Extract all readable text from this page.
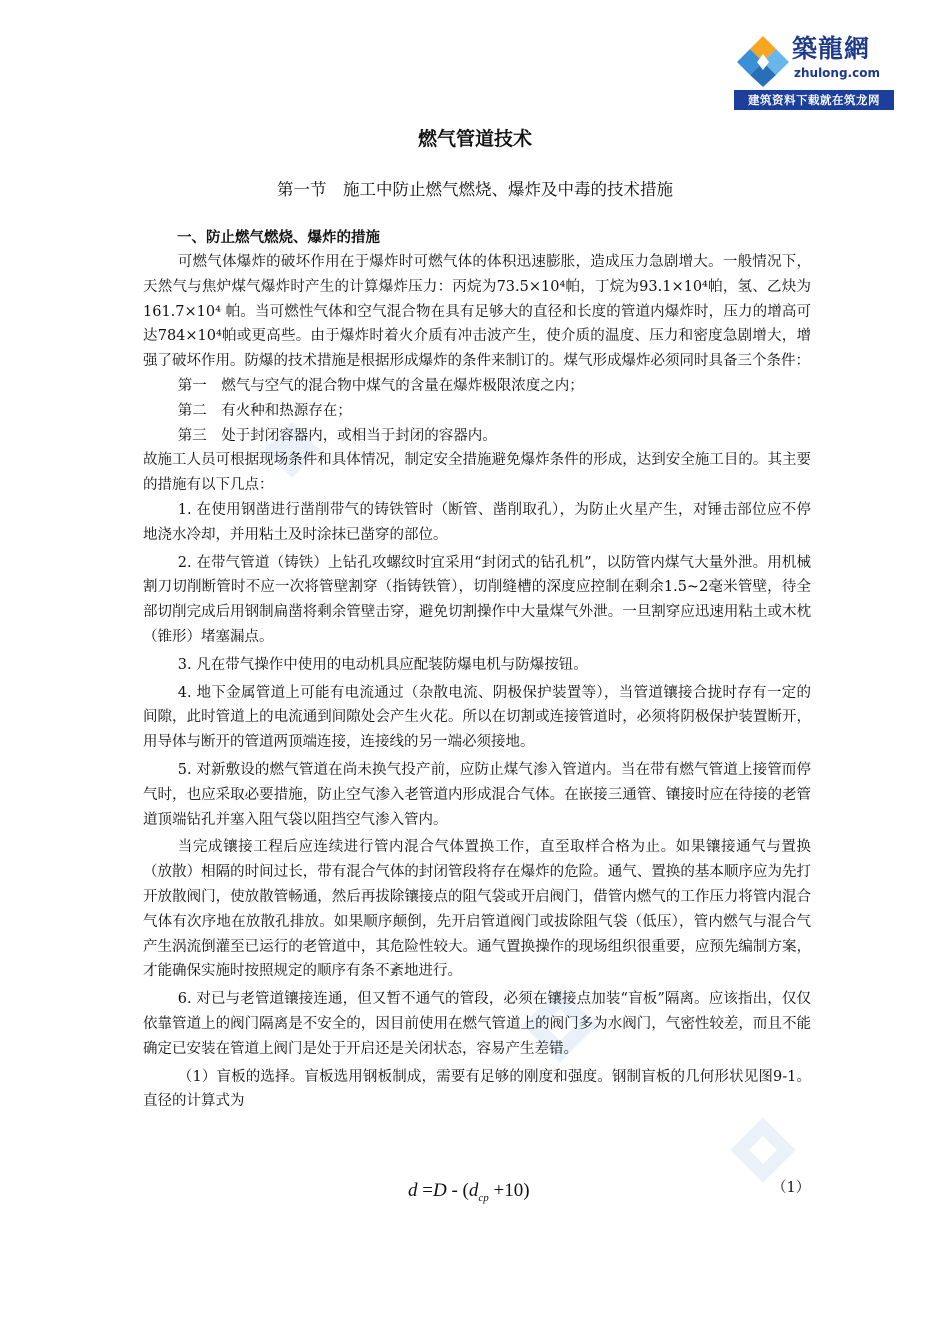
築龍網
zhulong.com
建筑资料下载就在筑龙网
燃气管道技术
第一节　施工中防止燃气燃烧、爆炸及中毒的技术措施
一、防止燃气燃烧、爆炸的措施

可燃气体爆炸的破坏作用在于爆炸时可燃气体的体积迅速膨胀，造成压力急剧增大。一般情况下，天然气与焦炉煤气爆炸时产生的计算爆炸压力：丙烷为73.5×10⁴帕，丁烷为93.1×10⁴帕，氢、乙炔为161.7×10⁴ 帕。当可燃性气体和空气混合物在具有足够大的直径和长度的管道内爆炸时，压力的增高可达784×10⁴帕或更高些。由于爆炸时着火介质有冲击波产生，使介质的温度、压力和密度急剧增大，增强了破坏作用。防爆的技术措施是根据形成爆炸的条件来制订的。煤气形成爆炸必须同时具备三个条件：

第一　燃气与空气的混合物中煤气的含量在爆炸极限浓度之内；

第二　有火种和热源存在；

第三　处于封闭容器内，或相当于封闭的容器内。

故施工人员可根据现场条件和具体情况，制定安全措施避免爆炸条件的形成，达到安全施工目的。其主要的措施有以下几点：

1. 在使用钢凿进行凿削带气的铸铁管时（断管、凿削取孔），为防止火星产生，对锤击部位应不停地浇水冷却，并用粘土及时涂抹已凿穿的部位。

2. 在带气管道（铸铁）上钻孔攻螺纹时宜采用“封闭式的钻孔机”，以防管内煤气大量外泄。用机械割刀切削断管时不应一次将管壁割穿（指铸铁管），切削缝槽的深度应控制在剩余1.5~2毫米管壁，待全部切削完成后用钢制扁凿将剩余管壁击穿，避免切割操作中大量煤气外泄。一旦割穿应迅速用粘土或木枕（锥形）堵塞漏点。

3. 凡在带气操作中使用的电动机具应配装防爆电机与防爆按钮。

4. 地下金属管道上可能有电流通过（杂散电流、阴极保护装置等），当管道镶接合拢时存有一定的间隙，此时管道上的电流通到间隙处会产生火花。所以在切割或连接管道时，必须将阴极保护装置断开，用导体与断开的管道两顶端连接，连接线的另一端必须接地。

5. 对新敷设的燃气管道在尚未换气投产前，应防止煤气渗入管道内。当在带有燃气管道上接管而停气时，也应采取必要措施，防止空气渗入老管道内形成混合气体。在嵌接三通管、镶接时应在待接的老管道顶端钻孔并塞入阻气袋以阻挡空气渗入管内。

当完成镶接工程后应连续进行管内混合气体置换工作，直至取样合格为止。如果镶接通气与置换（放散）相隔的时间过长，带有混合气体的封闭管段将存在爆炸的危险。通气、置换的基本顺序应为先打开放散阀门，使放散管畅通，然后再拔除镶接点的阻气袋或开启阀门，借管内燃气的工作压力将管内混合气体有次序地在放散孔排放。如果顺序颠倒，先开启管道阀门或拔除阻气袋（低压），管内燃气与混合气产生涡流倒灌至已运行的老管道中，其危险性较大。通气置换操作的现场组织很重要，应预先编制方案，才能确保实施时按照规定的顺序有条不紊地进行。

6. 对已与老管道镶接连通，但又暂不通气的管段，必须在镶接点加装“盲板”隔离。应该指出，仅仅依靠管道上的阀门隔离是不安全的，因目前使用在燃气管道上的阀门多为水阀门，气密性较差，而且不能确定已安装在管道上阀门是处于开启还是关闭状态，容易产生差错。

（1）盲板的选择。盲板选用钢板制成，需要有足够的刚度和强度。钢制盲板的几何形状见图9-1。直径的计算式为

$d =D - (d_{cp} +10)$	（1）
